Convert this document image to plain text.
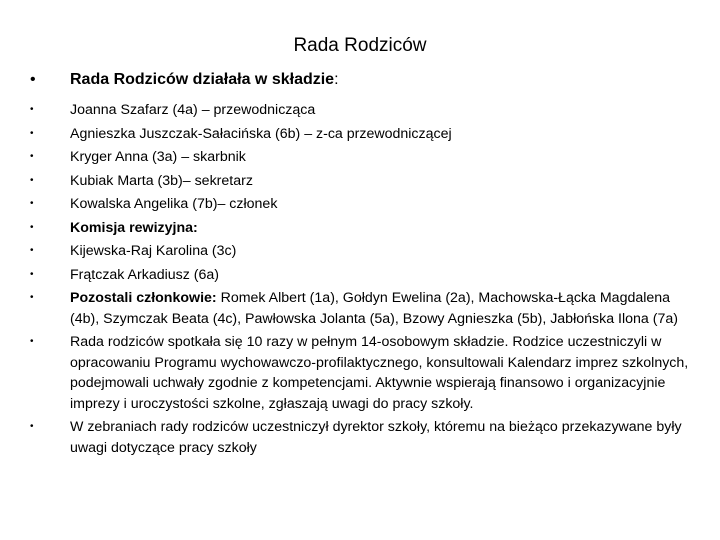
Rada Rodziców
•	Rada Rodziców działała w składzie:
•	Joanna Szafarz (4a) – przewodnicząca
•	Agnieszka Juszczak-Sałacińska (6b) – z-ca przewodniczącej
•	Kryger Anna (3a) – skarbnik
•	Kubiak Marta (3b)– sekretarz
•	Kowalska Angelika (7b)– członek
•	Komisja rewizyjna:
•	Kijewska-Raj Karolina (3c)
•	Frątczak Arkadiusz (6a)
•	Pozostali członkowie: Romek Albert (1a), Gołdyn Ewelina (2a), Machowska-Łącka Magdalena (4b), Szymczak Beata (4c), Pawłowska Jolanta (5a), Bzowy Agnieszka (5b), Jabłońska Ilona (7a)
•	Rada rodziców spotkała się 10 razy w pełnym 14-osobowym składzie. Rodzice uczestniczyli w opracowaniu Programu wychowawczo-profilaktycznego, konsultowali Kalendarz imprez szkolnych, podejmowali uchwały zgodnie z kompetencjami. Aktywnie wspierają finansowo i organizacyjnie imprezy i uroczystości szkolne, zgłaszają uwagi do pracy szkoły.
•	W zebraniach rady rodziców uczestniczył dyrektor szkoły, któremu na bieżąco przekazywane były uwagi dotyczące pracy szkoły
